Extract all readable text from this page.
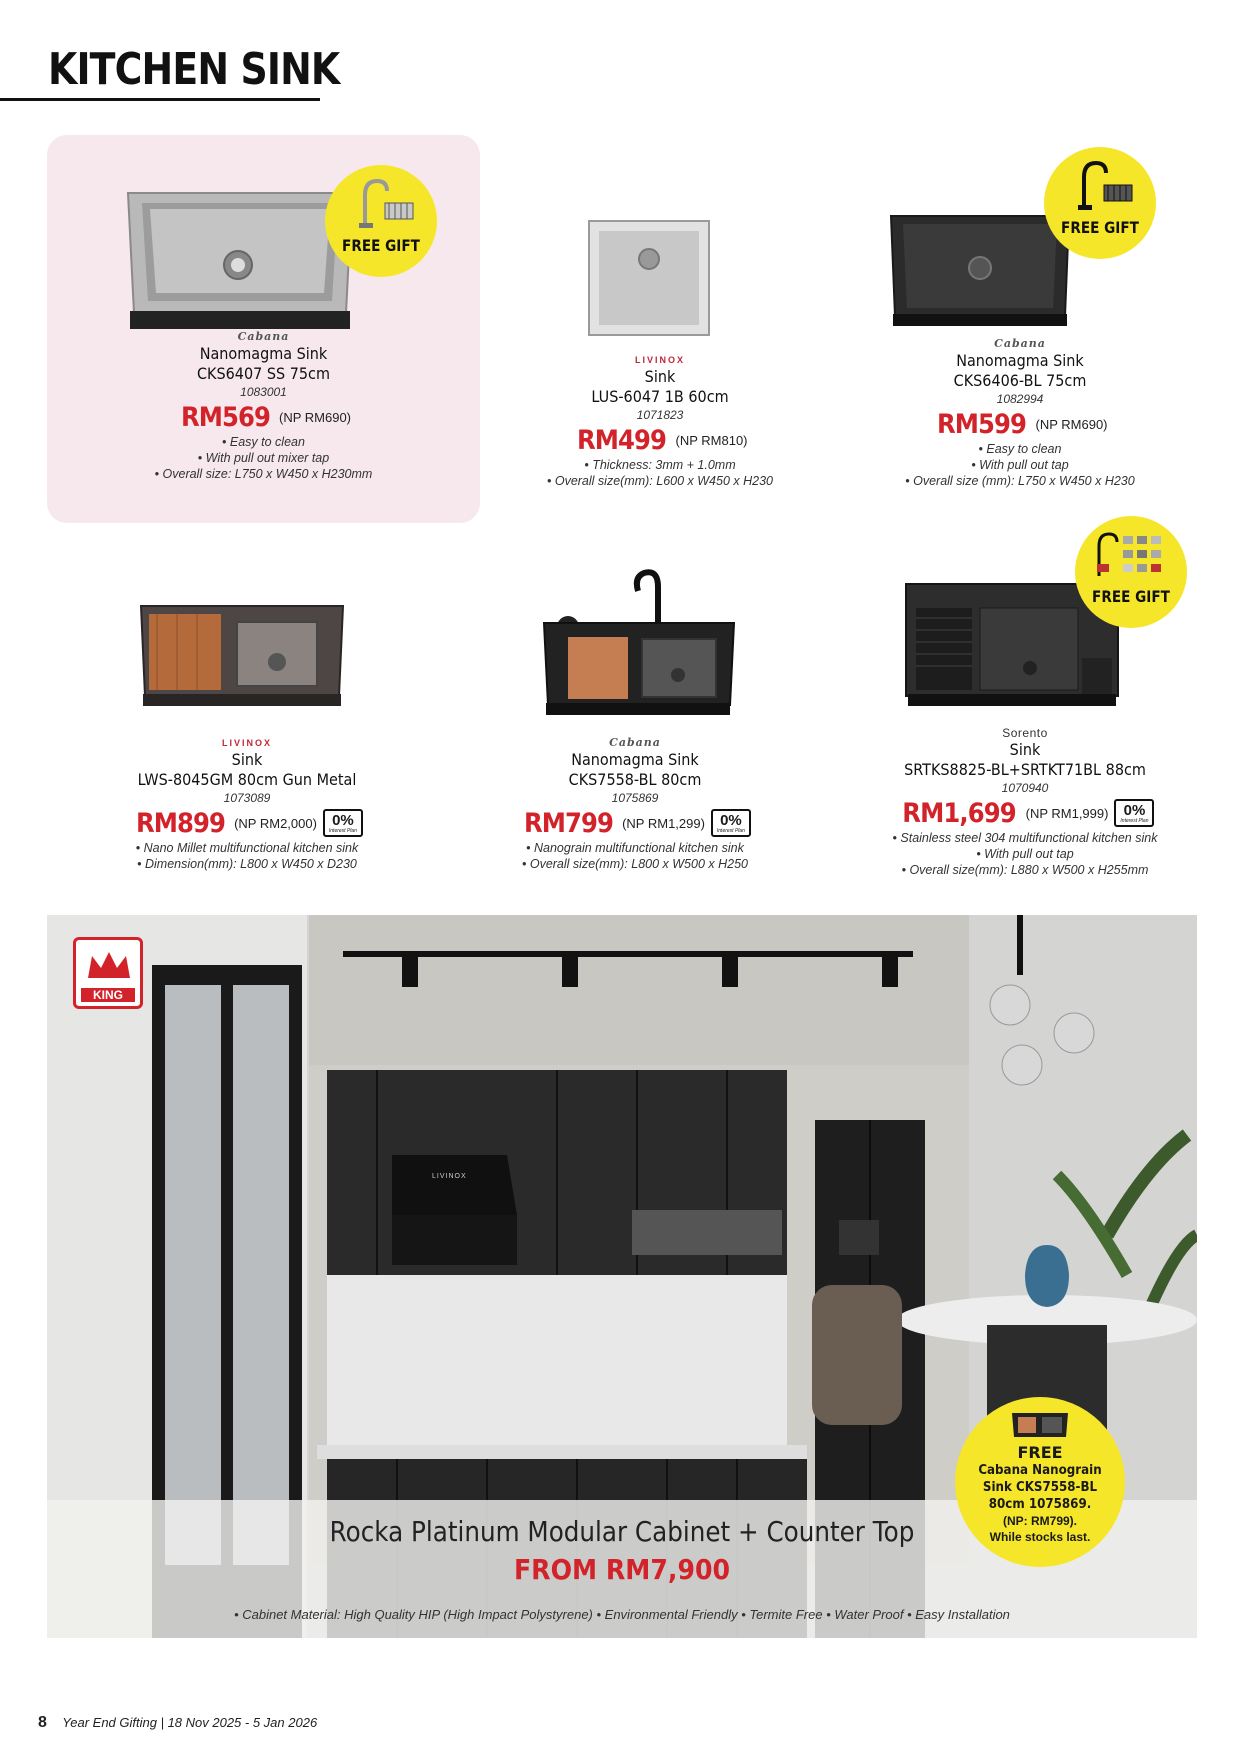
KITCHEN SINK
FREE GIFT
Cabana
Nanomagma Sink
CKS6407 SS 75cm
1083001
RM569 (NP RM690)
• Easy to clean
• With pull out mixer tap
• Overall size: L750 x W450 x H230mm
LIVINOX
Sink
LUS-6047 1B 60cm
1071823
RM499 (NP RM810)
• Thickness: 3mm + 1.0mm
• Overall size(mm): L600 x W450 x H230
FREE GIFT
Cabana
Nanomagma Sink
CKS6406-BL 75cm
1082994
RM599 (NP RM690)
• Easy to clean
• With pull out tap
• Overall size (mm): L750 x W450 x H230
LIVINOX
Sink
LWS-8045GM 80cm Gun Metal
1073089
RM899 (NP RM2,000) 0%
Interest Plan
• Nano Millet multifunctional kitchen sink
• Dimension(mm): L800 x W450 x D230
Cabana
Nanomagma Sink
CKS7558-BL 80cm
1075869
RM799 (NP RM1,299) 0%
Interest Plan
• Nanograin multifunctional kitchen sink
• Overall size(mm): L800 x W500 x H250
FREE GIFT
Sorento
Sink
SRTKS8825-BL+SRTKT71BL 88cm
1070940
RM1,699 (NP RM1,999) 0%
Interest Plan
• Stainless steel 304 multifunctional kitchen sink
• With pull out tap
• Overall size(mm): L880 x W500 x H255mm
KING
LIVINOX
Rocka Platinum Modular Cabinet + Counter Top
FROM RM7,900
• Cabinet Material: High Quality HIP (High Impact Polystyrene) • Environmental Friendly • Termite Free • Water Proof • Easy Installation
FREE
Cabana Nanograin
Sink CKS7558-BL
80cm 1075869.
(NP: RM799).
While stocks last.
8 Year End Gifting | 18 Nov 2025 - 5 Jan 2026
